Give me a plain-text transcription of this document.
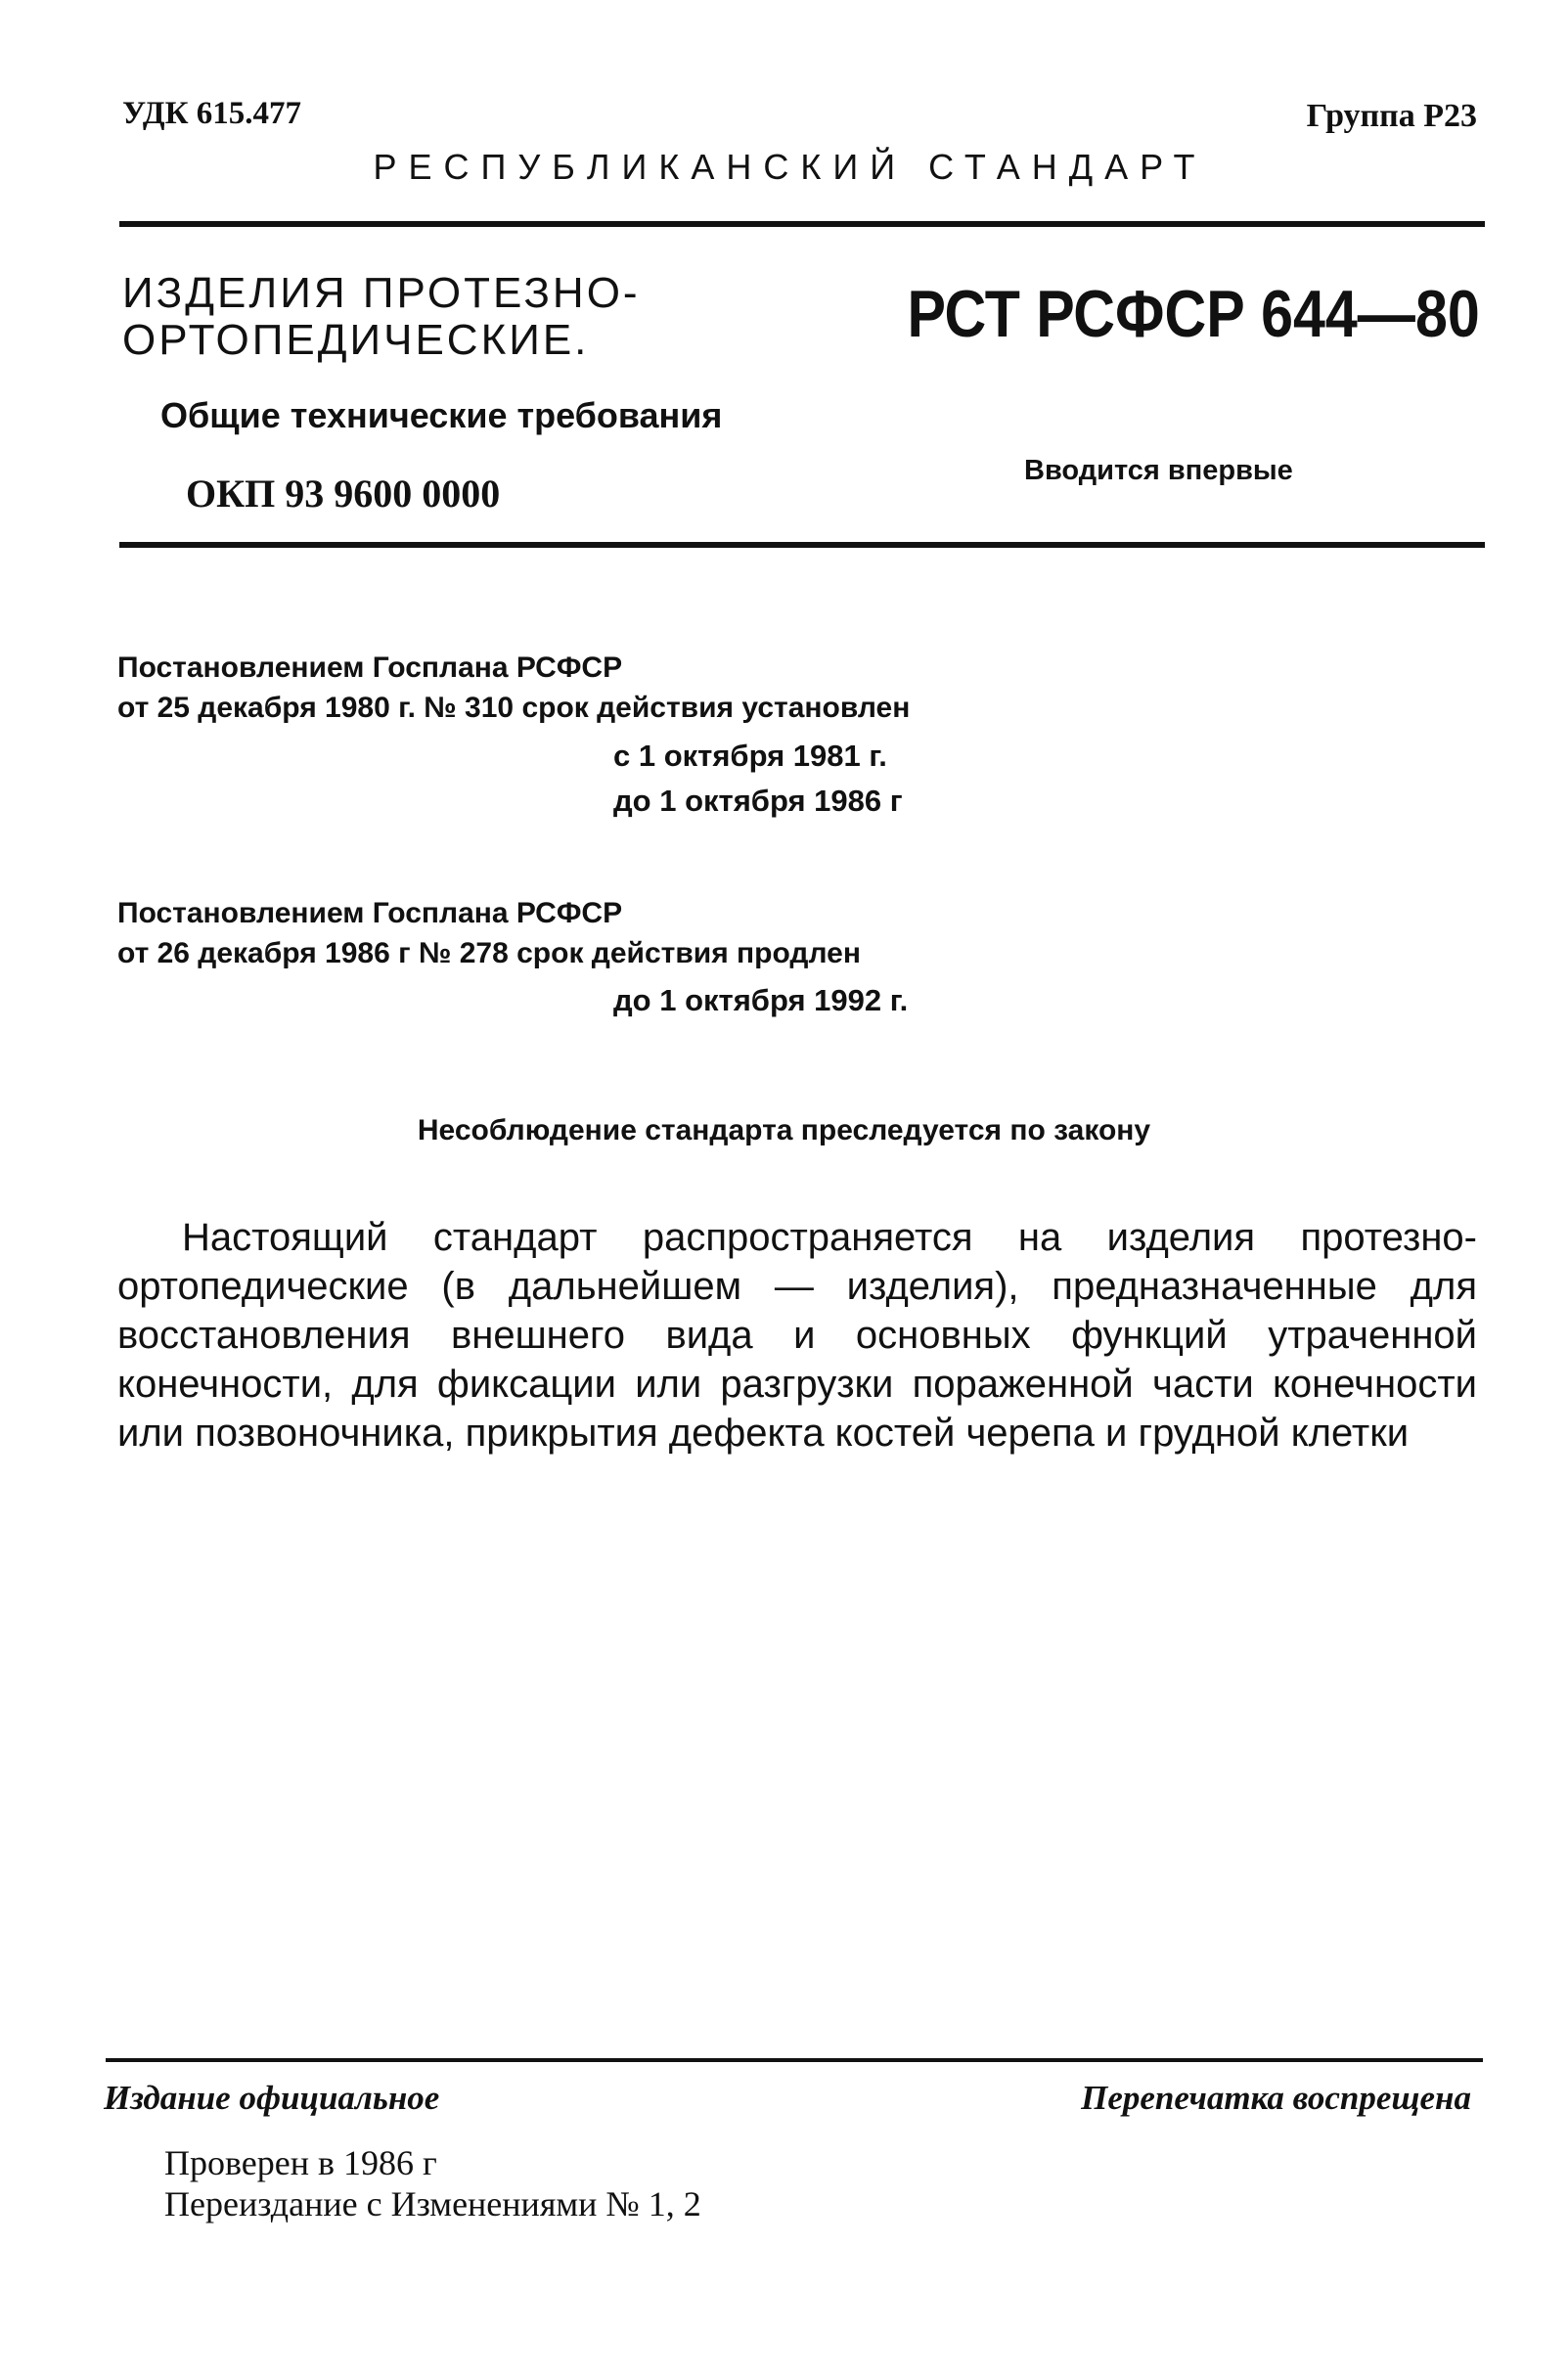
УДК 615.477	Группа Р23
РЕСПУБЛИКАНСКИЙ СТАНДАРТ
ИЗДЕЛИЯ ПРОТЕЗНО-
ОРТОПЕДИЧЕСКИЕ.	РСТ РСФСР 644—80
Общие технические требования
ОКП 93 9600 0000
Вводится впервые
Постановлением Госплана РСФСР
от 25 декабря 1980 г. № 310 срок действия установлен
с 1 октября 1981 г.
до 1 октября 1986 г
Постановлением Госплана РСФСР
от 26 декабря 1986 г № 278 срок действия продлен
до 1 октября 1992 г.
Несоблюдение стандарта преследуется по закону
Настоящий стандарт распространяется на изделия протезно-ортопедические (в дальнейшем — изделия), предназначенные для восстановления внешнего вида и основных функций утраченной конечности, для фиксации или разгрузки пораженной части конечности или позвоночника, прикрытия дефекта костей черепа и грудной клетки
Издание официальное	Перепечатка воспрещена
Проверен в 1986 г
Переиздание с Изменениями № 1, 2
